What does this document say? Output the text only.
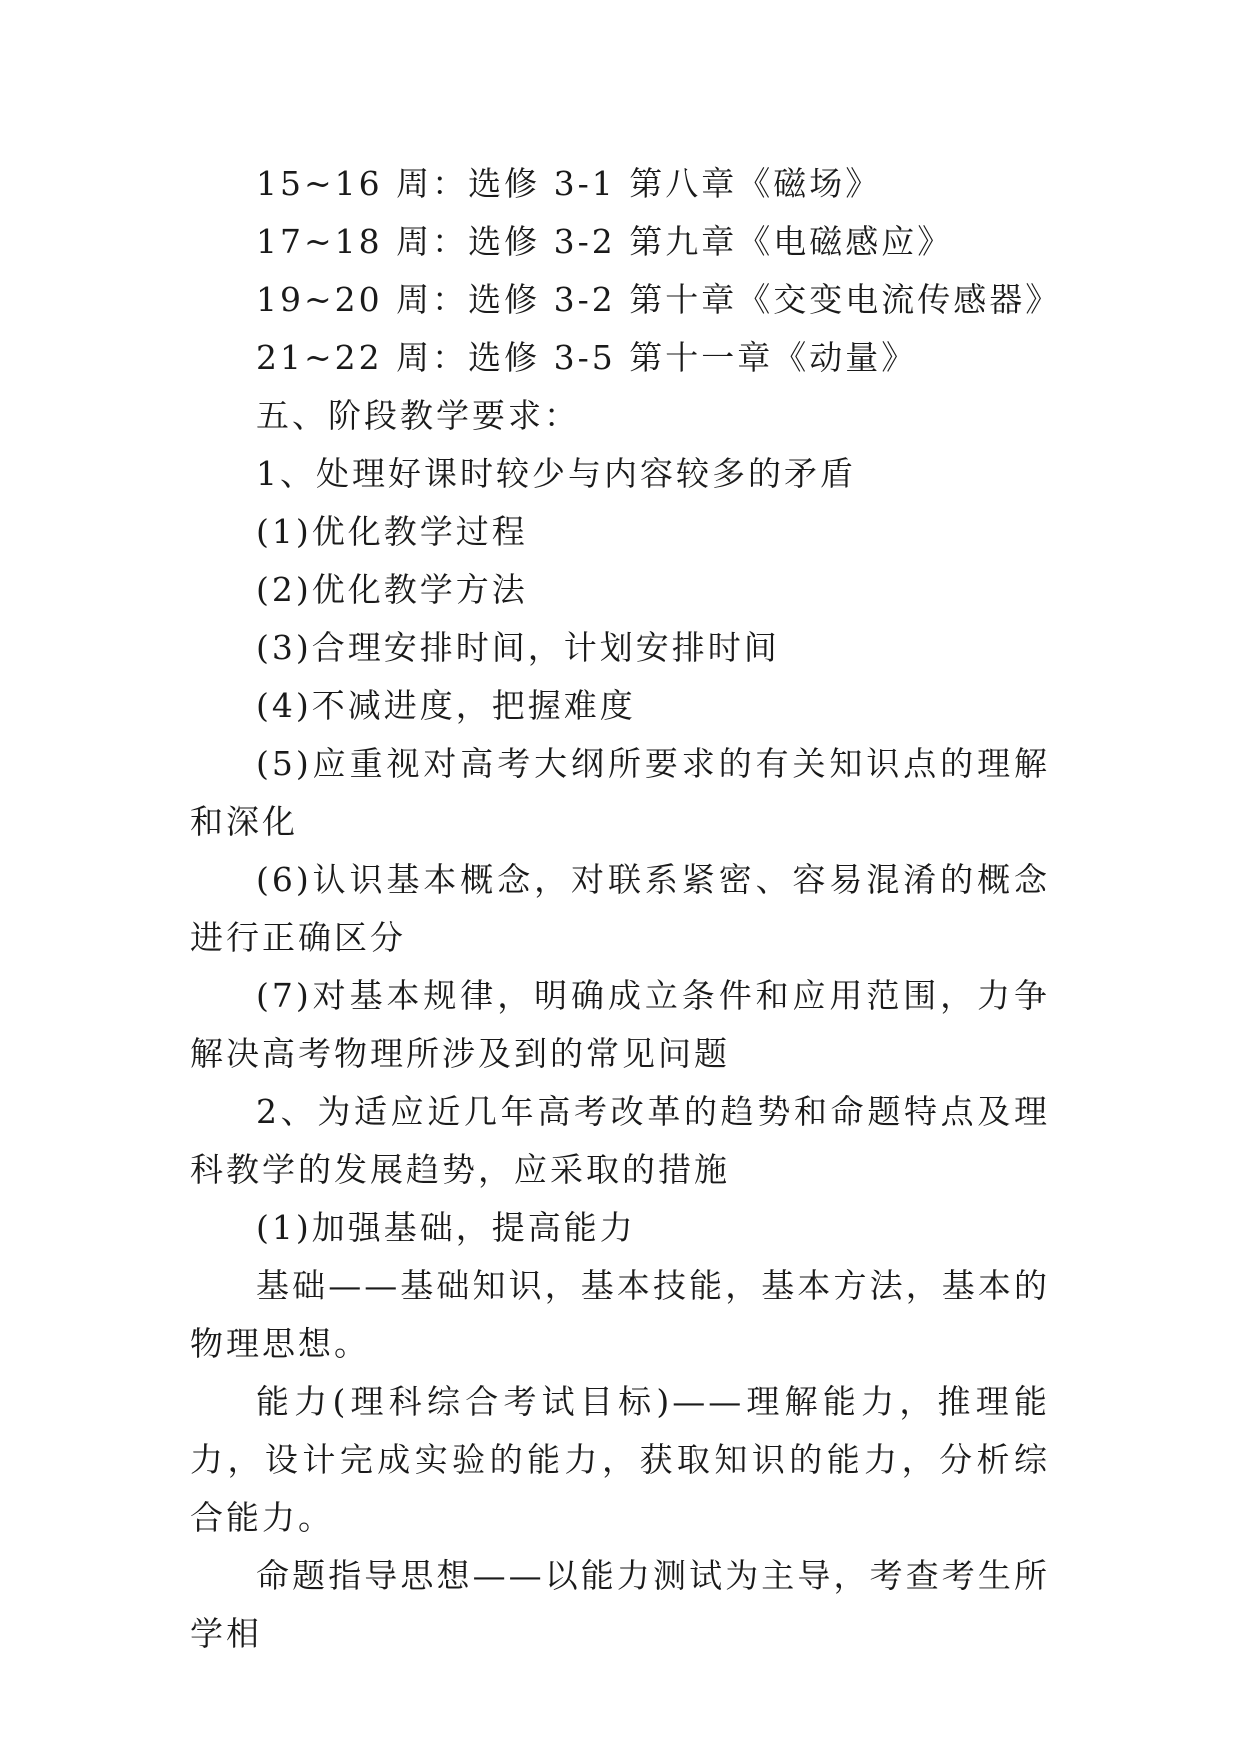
15~16 周：选修 3-1 第八章《磁场》

17~18 周：选修 3-2 第九章《电磁感应》

19~20 周：选修 3-2 第十章《交变电流传感器》

21~22 周：选修 3-5 第十一章《动量》

五、阶段教学要求：

1、处理好课时较少与内容较多的矛盾

(1)优化教学过程

(2)优化教学方法

(3)合理安排时间，计划安排时间

(4)不减进度，把握难度

(5)应重视对高考大纲所要求的有关知识点的理解和深化

(6)认识基本概念，对联系紧密、容易混淆的概念进行正确区分

(7)对基本规律，明确成立条件和应用范围，力争解决高考物理所涉及到的常见问题

2、为适应近几年高考改革的趋势和命题特点及理科教学的发展趋势，应采取的措施

(1)加强基础，提高能力

基础——基础知识，基本技能，基本方法，基本的物理思想。

能力(理科综合考试目标)——理解能力，推理能力，设计完成实验的能力，获取知识的能力，分析综合能力。

命题指导思想——以能力测试为主导，考查考生所学相
